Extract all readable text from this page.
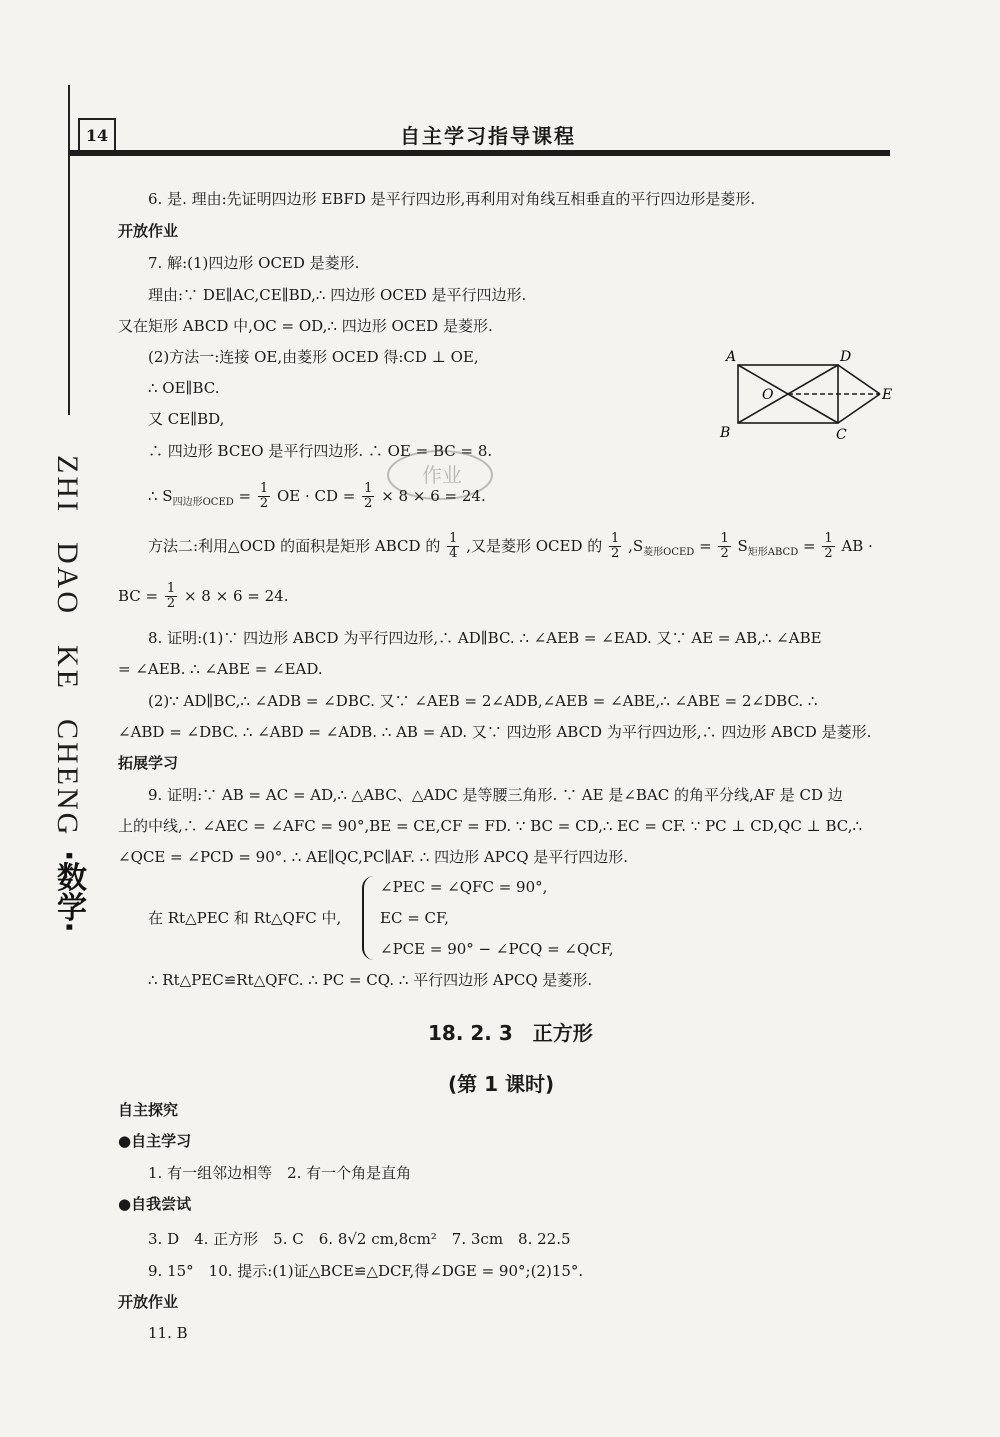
14	自主学习指导课程
ZHI DAO KE CHENG
·数学·
6. 是. 理由:先证明四边形 EBFD 是平行四边形,再利用对角线互相垂直的平行四边形是菱形.
开放作业
7. 解:(1)四边形 OCED 是菱形.
理由:∵ DE∥AC,CE∥BD,∴ 四边形 OCED 是平行四边形.
又在矩形 ABCD 中,OC = OD,∴ 四边形 OCED 是菱形.
(2)方法一:连接 OE,由菱形 OCED 得:CD ⊥ OE,
∴ OE∥BC.
又 CE∥BD,
∴ 四边形 BCEO 是平行四边形. ∴ OE = BC = 8.
A	D
O	E
B	C
作业
∴ $S_{四边形OCED} = \frac{1}{2}$ OE · CD = $\frac{1}{2} \times 8 \times 6 = 24$.
方法二:利用△OCD 的面积是矩形 ABCD 的 $\frac{1}{4}$ ,又是菱形 OCED 的 $\frac{1}{2} ,S_{菱形OCED} = \frac{1}{2} S_{矩形ABCD} = \frac{1}{2}$ AB ·
BC = $\frac{1}{2} \times 8 \times 6 = 24$.
8. 证明:(1)∵ 四边形 ABCD 为平行四边形,∴ AD∥BC. ∴ ∠AEB = ∠EAD. 又∵ AE = AB,∴ ∠ABE
= ∠AEB. ∴ ∠ABE = ∠EAD.
(2)∵ AD∥BC,∴ ∠ADB = ∠DBC. 又∵ ∠AEB = 2∠ADB,∠AEB = ∠ABE,∴ ∠ABE = 2∠DBC. ∴
∠ABD = ∠DBC. ∴ ∠ABD = ∠ADB. ∴ AB = AD. 又∵ 四边形 ABCD 为平行四边形,∴ 四边形 ABCD 是菱形.
拓展学习
9. 证明:∵ AB = AC = AD,∴ △ABC、△ADC 是等腰三角形. ∵ AE 是∠BAC 的角平分线,AF 是 CD 边
上的中线,∴ ∠AEC = ∠AFC = 90°,BE = CE,CF = FD. ∵ BC = CD,∴ EC = CF. ∵ PC ⊥ CD,QC ⊥ BC,∴
∠QCE = ∠PCD = 90°. ∴ AE∥QC,PC∥AF. ∴ 四边形 APCQ 是平行四边形.
在 Rt△PEC 和 Rt△QFC 中,
∠PEC = ∠QFC = 90°,
EC = CF,
∠PCE = 90° − ∠PCQ = ∠QCF,
∴ Rt△PEC≌Rt△QFC. ∴ PC = CQ. ∴ 平行四边形 APCQ 是菱形.
18. 2. 3　正方形
(第 1 课时)
自主探究
●自主学习
1. 有一组邻边相等　2. 有一个角是直角
●自我尝试
3. D　4. 正方形　5. C　6. 8√2 cm,8cm²　7. 3cm　8. 22.5
9. 15°　10. 提示:(1)证△BCE≌△DCF,得∠DGE = 90°;(2)15°.
开放作业
11. B
